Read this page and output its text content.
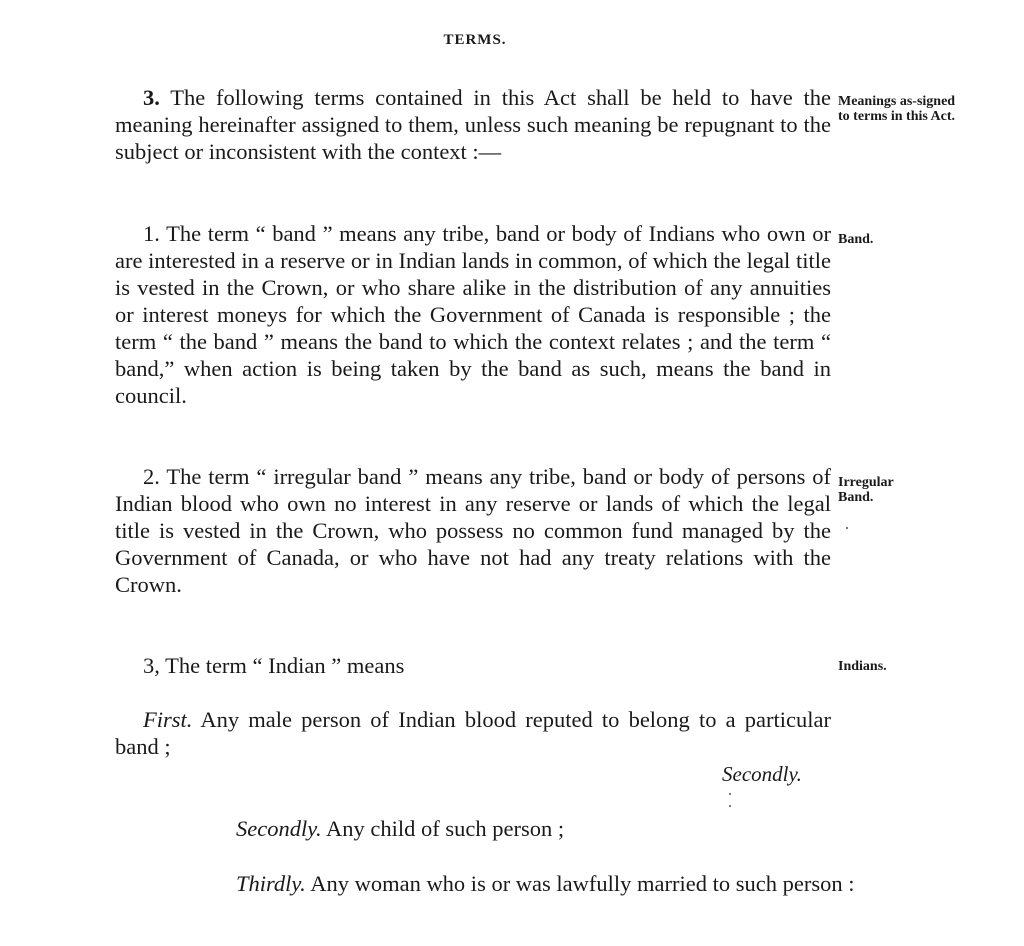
TERMS.

3. The following terms contained in this Act shall be held to have the meaning hereinafter assigned to them, unless such meaning be repugnant to the subject or inconsistent with the context :—

Meanings as-signed to terms in this Act.

1. The term “ band ” means any tribe, band or body of Indians who own or are interested in a reserve or in Indian lands in common, of which the legal title is vested in the Crown, or who share alike in the distribution of any annuities or interest moneys for which the Government of Canada is responsible ; the term “ the band ” means the band to which the context relates ; and the term “ band,” when action is being taken by the band as such, means the band in council.

Band.

2. The term “ irregular band ” means any tribe, band or body of persons of Indian blood who own no interest in any reserve or lands of which the legal title is vested in the Crown, who possess no common fund managed by the Government of Canada, or who have not had any treaty relations with the Crown.

Irregular Band.

3, The term “ Indian ” means	Indians.

First. Any male person of Indian blood reputed to belong to a particular band ;

Secondly.

Secondly. Any child of such person ;

Thirdly. Any woman who is or was lawfully married to such person :
